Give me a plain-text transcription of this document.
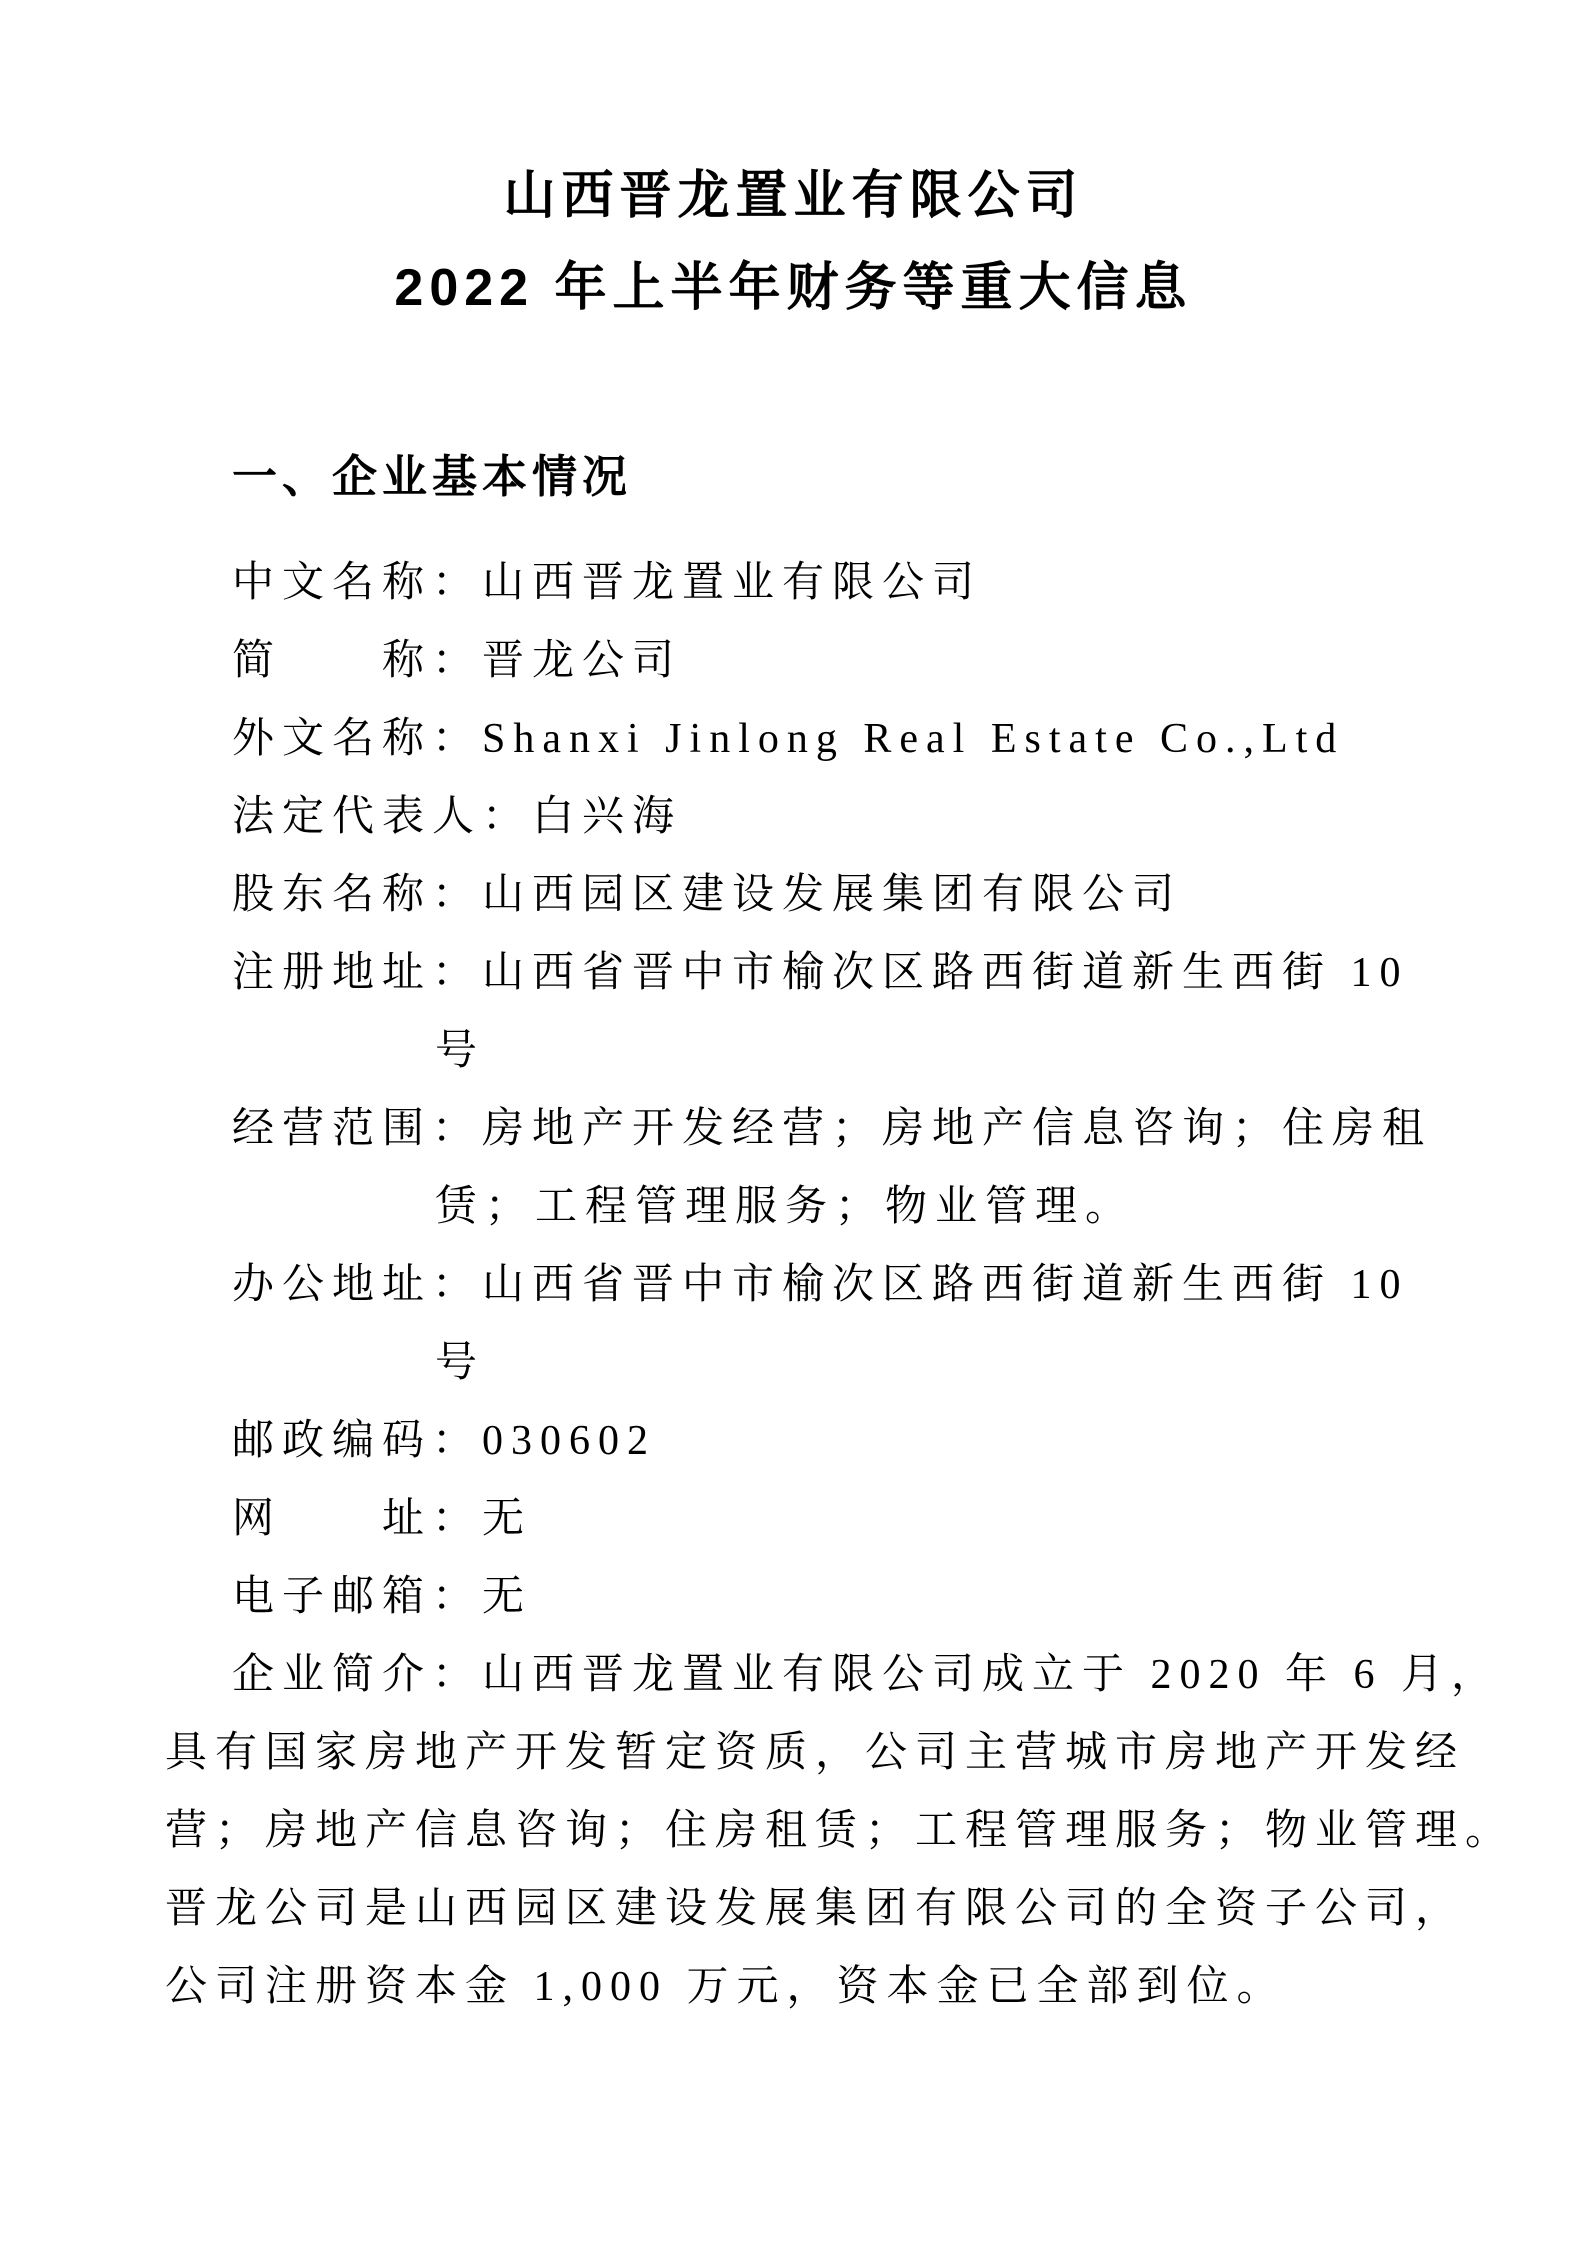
山西晋龙置业有限公司
2022 年上半年财务等重大信息
一、企业基本情况
中文名称：山西晋龙置业有限公司
简　　称：晋龙公司
外文名称：Shanxi Jinlong Real Estate Co.,Ltd
法定代表人：白兴海
股东名称：山西园区建设发展集团有限公司
注册地址：山西省晋中市榆次区路西街道新生西街 10
号
经营范围：房地产开发经营；房地产信息咨询；住房租
赁；工程管理服务；物业管理。
办公地址：山西省晋中市榆次区路西街道新生西街 10
号
邮政编码：030602
网　　址：无
电子邮箱：无
企业简介：山西晋龙置业有限公司成立于 2020 年 6 月，
具有国家房地产开发暂定资质，公司主营城市房地产开发经
营；房地产信息咨询；住房租赁；工程管理服务；物业管理。
晋龙公司是山西园区建设发展集团有限公司的全资子公司，
公司注册资本金 1,000 万元，资本金已全部到位。
